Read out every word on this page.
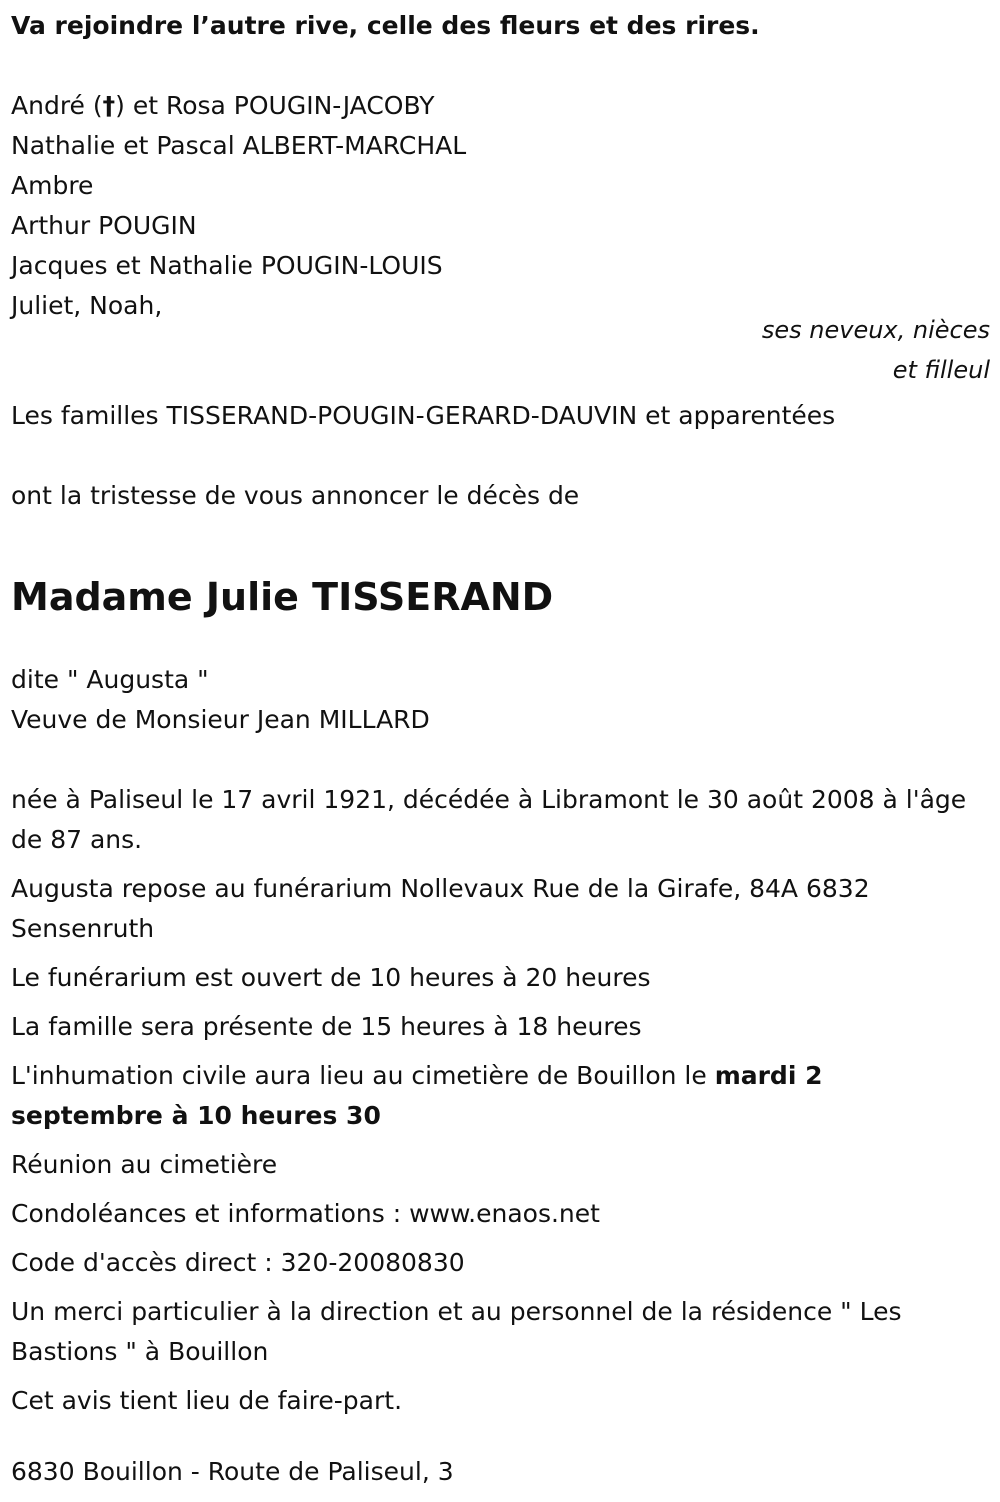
Va rejoindre l’autre rive, celle des fleurs et des rires.

André (†) et Rosa POUGIN-JACOBY

Nathalie et Pascal ALBERT-MARCHAL

Ambre

Arthur POUGIN

Jacques et Nathalie POUGIN-LOUIS

Juliet, Noah,

ses neveux, nièces

et filleul

Les familles TISSERAND-POUGIN-GERARD-DAUVIN et apparentées

ont la tristesse de vous annoncer le décès de

Madame Julie TISSERAND

dite " Augusta "

Veuve de Monsieur Jean MILLARD

née à Paliseul le 17 avril 1921, décédée à Libramont le 30 août 2008 à l'âge de 87 ans.

Augusta repose au funérarium Nollevaux Rue de la Girafe, 84A 6832 Sensenruth

Le funérarium est ouvert de 10 heures à 20 heures

La famille sera présente de 15 heures à 18 heures

L'inhumation civile aura lieu au cimetière de Bouillon le mardi 2 septembre à 10 heures 30

Réunion au cimetière

Condoléances et informations : www.enaos.net

Code d'accès direct : 320-20080830

Un merci particulier à la direction et au personnel de la résidence " Les Bastions " à Bouillon

Cet avis tient lieu de faire-part.

6830 Bouillon - Route de Paliseul, 3
